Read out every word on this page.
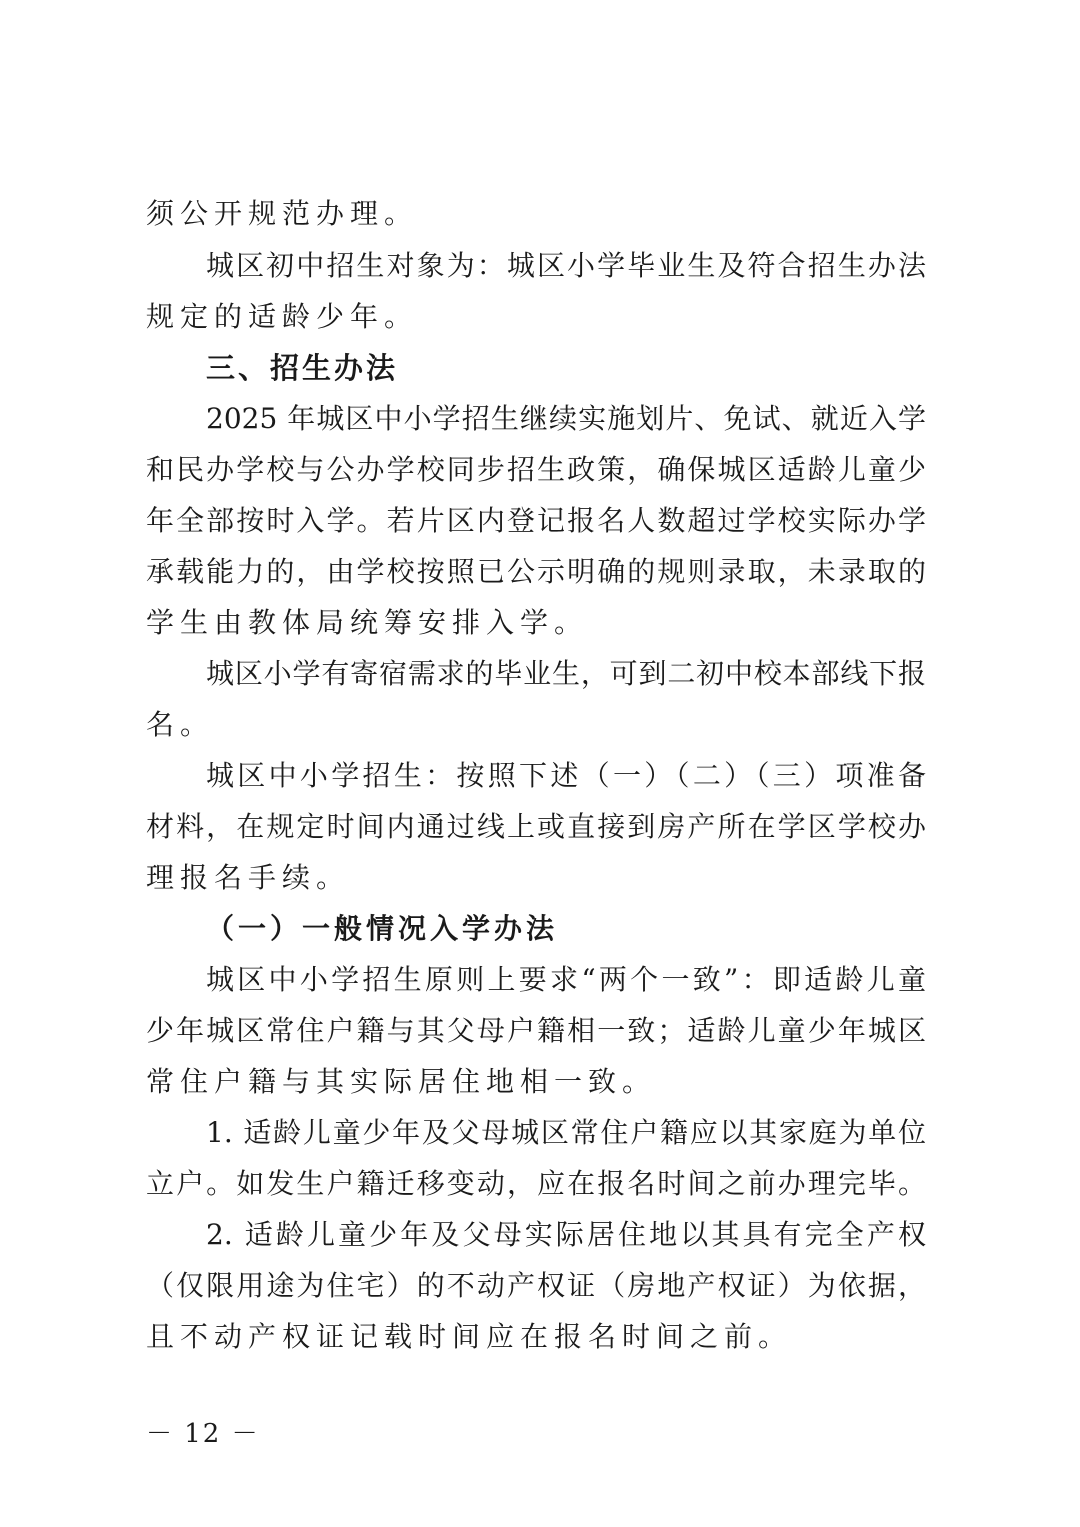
须公开规范办理。
城区初中招生对象为：城区小学毕业生及符合招生办法
规定的适龄少年。
三、招生办法
2025 年城区中小学招生继续实施划片、免试、就近入学
和民办学校与公办学校同步招生政策，确保城区适龄儿童少
年全部按时入学。若片区内登记报名人数超过学校实际办学
承载能力的，由学校按照已公示明确的规则录取，未录取的
学生由教体局统筹安排入学。
城区小学有寄宿需求的毕业生，可到二初中校本部线下报
名。
城区中小学招生：按照下述（一）（二）（三）项准备
材料，在规定时间内通过线上或直接到房产所在学区学校办
理报名手续。
（一）一般情况入学办法
城区中小学招生原则上要求“两个一致”：即适龄儿童
少年城区常住户籍与其父母户籍相一致；适龄儿童少年城区
常住户籍与其实际居住地相一致。
1. 适龄儿童少年及父母城区常住户籍应以其家庭为单位
立户。如发生户籍迁移变动，应在报名时间之前办理完毕。
2. 适龄儿童少年及父母实际居住地以其具有完全产权
（仅限用途为住宅）的不动产权证（房地产权证）为依据，
且不动产权证记载时间应在报名时间之前。
－ 12 －
